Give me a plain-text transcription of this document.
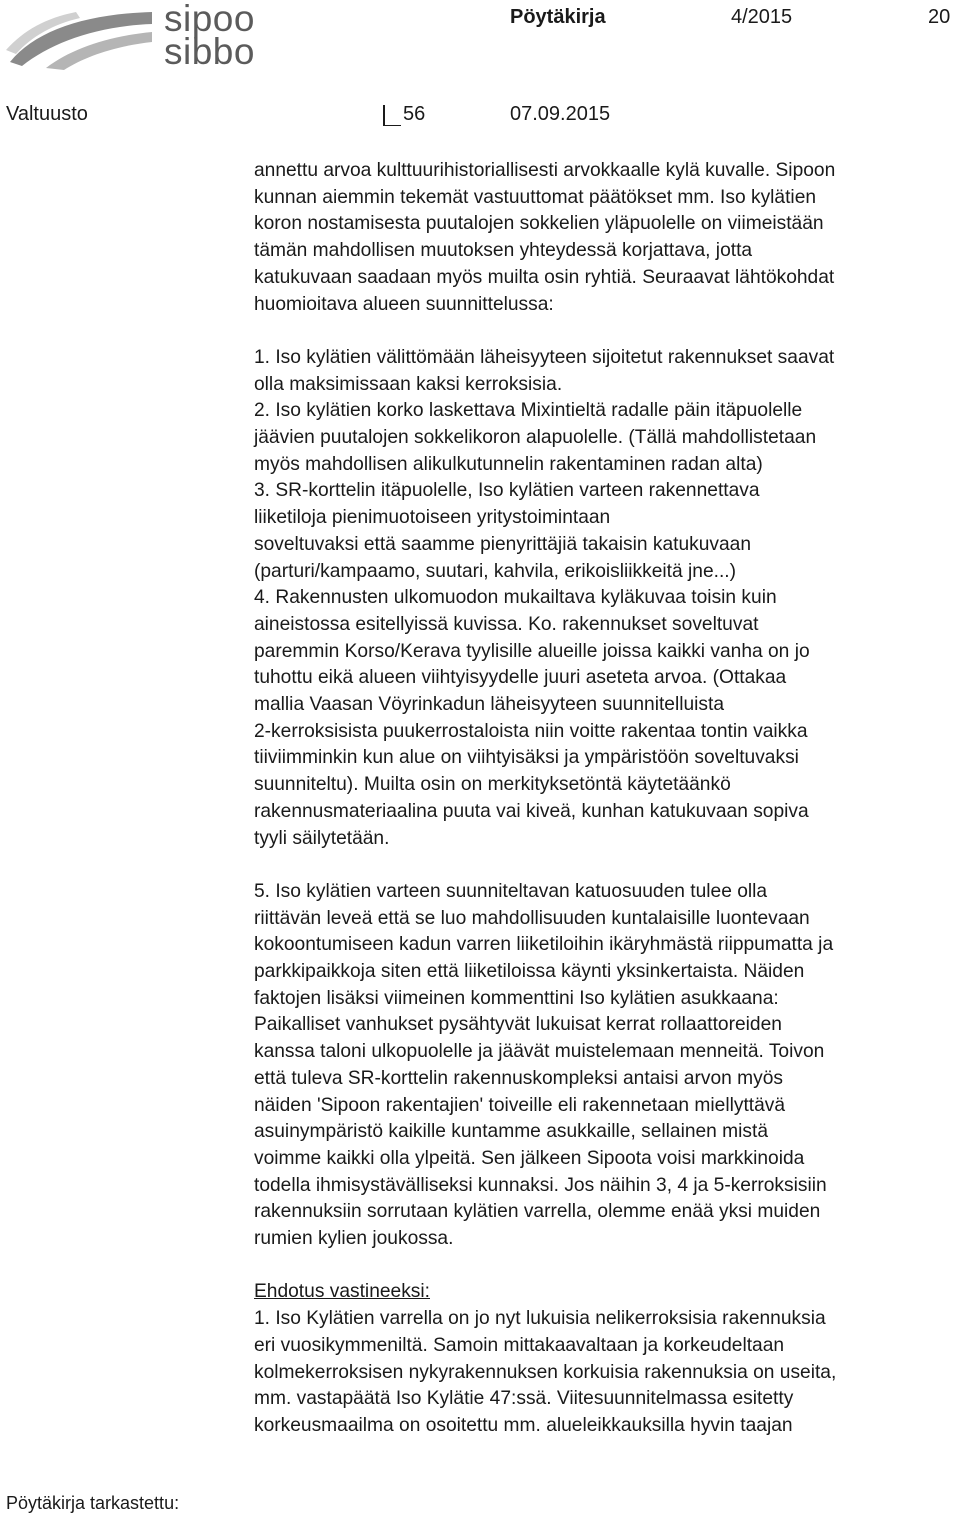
sipoo
sibbo
Pöytäkirja	4/2015	20
Valtuusto	56	07.09.2015

annettu arvoa kulttuurihistoriallisesti arvokkaalle kylä kuvalle. Sipoon

kunnan aiemmin tekemät vastuuttomat päätökset mm. Iso kylätien

koron nostamisesta puutalojen sokkelien yläpuolelle on viimeistään

tämän mahdollisen muutoksen yhteydessä korjattava, jotta

katukuvaan saadaan myös muilta osin ryhtiä. Seuraavat lähtökohdat

huomioitava alueen suunnittelussa:

1. Iso kylätien välittömään läheisyyteen sijoitetut rakennukset saavat

olla maksimissaan kaksi kerroksisia.

2. Iso kylätien korko laskettava Mixintieltä radalle päin itäpuolelle

jäävien puutalojen sokkelikoron alapuolelle. (Tällä mahdollistetaan

myös mahdollisen alikulkutunnelin rakentaminen radan alta)

3. SR-korttelin itäpuolelle, Iso kylätien varteen rakennettava

liiketiloja pienimuotoiseen yritystoimintaan

soveltuvaksi että saamme pienyrittäjiä takaisin katukuvaan

(parturi/kampaamo, suutari, kahvila, erikoisliikkeitä jne...)

4. Rakennusten ulkomuodon mukailtava kyläkuvaa toisin kuin

aineistossa esitellyissä kuvissa. Ko. rakennukset soveltuvat

paremmin Korso/Kerava tyylisille alueille joissa kaikki vanha on jo

tuhottu eikä alueen viihtyisyydelle juuri aseteta arvoa. (Ottakaa

mallia Vaasan Vöyrinkadun läheisyyteen suunnitelluista

2-kerroksisista puukerrostaloista niin voitte rakentaa tontin vaikka

tiiviimminkin kun alue on viihtyisäksi ja ympäristöön soveltuvaksi

suunniteltu). Muilta osin on merkityksetöntä käytetäänkö

rakennusmateriaalina puuta vai kiveä, kunhan katukuvaan sopiva

tyyli säilytetään.

5. Iso kylätien varteen suunniteltavan katuosuuden tulee olla

riittävän leveä että se luo mahdollisuuden kuntalaisille luontevaan

kokoontumiseen kadun varren liiketiloihin ikäryhmästä riippumatta ja

parkkipaikkoja siten että liiketiloissa käynti yksinkertaista. Näiden

faktojen lisäksi viimeinen kommenttini Iso kylätien asukkaana:

Paikalliset vanhukset pysähtyvät lukuisat kerrat rollaattoreiden

kanssa taloni ulkopuolelle ja jäävät muistelemaan menneitä. Toivon

että tuleva SR-korttelin rakennuskompleksi antaisi arvon myös

näiden 'Sipoon rakentajien' toiveille eli rakennetaan miellyttävä

asuinympäristö kaikille kuntamme asukkaille, sellainen mistä

voimme kaikki olla ylpeitä. Sen jälkeen Sipoota voisi markkinoida

todella ihmisystävälliseksi kunnaksi. Jos näihin 3, 4 ja 5-kerroksisiin

rakennuksiin sorrutaan kylätien varrella, olemme enää yksi muiden

rumien kylien joukossa.

Ehdotus vastineeksi:

1. Iso Kylätien varrella on jo nyt lukuisia nelikerroksisia rakennuksia

eri vuosikymmeniltä. Samoin mittakaavaltaan ja korkeudeltaan

kolmekerroksisen nykyrakennuksen korkuisia rakennuksia on useita,

mm. vastapäätä Iso Kylätie 47:ssä. Viitesuunnitelmassa esitetty

korkeusmaailma on osoitettu mm. alueleikkauksilla hyvin taajan

Pöytäkirja tarkastettu:
